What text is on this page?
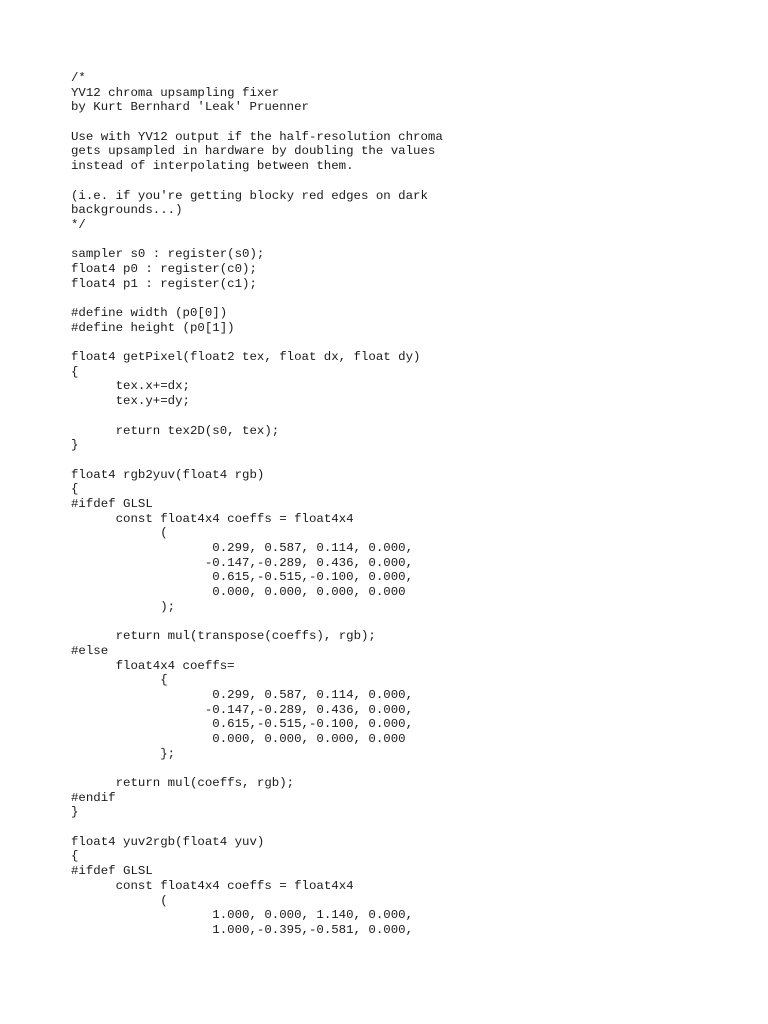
/*
YV12 chroma upsampling fixer
by Kurt Bernhard 'Leak' Pruenner
Use with YV12 output if the half-resolution chroma
gets upsampled in hardware by doubling the values
instead of interpolating between them.
(i.e. if you're getting blocky red edges on dark
backgrounds...)
*/
sampler s0 : register(s0);
float4 p0 : register(c0);
float4 p1 : register(c1);
#define width (p0[0])
#define height (p0[1])
float4 getPixel(float2 tex, float dx, float dy)
{
	tex.x+=dx;
	tex.y+=dy;
	return tex2D(s0, tex);
}
float4 rgb2yuv(float4 rgb)
{
#ifdef GLSL
	const float4x4 coeffs = float4x4
		(
			0.299, 0.587, 0.114, 0.000,
			-0.147,-0.289, 0.436, 0.000,
			0.615,-0.515,-0.100, 0.000,
			0.000, 0.000, 0.000, 0.000
		);
	return mul(transpose(coeffs), rgb);
#else
	float4x4 coeffs=
		{
			0.299, 0.587, 0.114, 0.000,
			-0.147,-0.289, 0.436, 0.000,
			0.615,-0.515,-0.100, 0.000,
			0.000, 0.000, 0.000, 0.000
		};
	return mul(coeffs, rgb);
#endif
}
float4 yuv2rgb(float4 yuv)
{
#ifdef GLSL
	const float4x4 coeffs = float4x4
		(
			1.000, 0.000, 1.140, 0.000,
			1.000,-0.395,-0.581, 0.000,
